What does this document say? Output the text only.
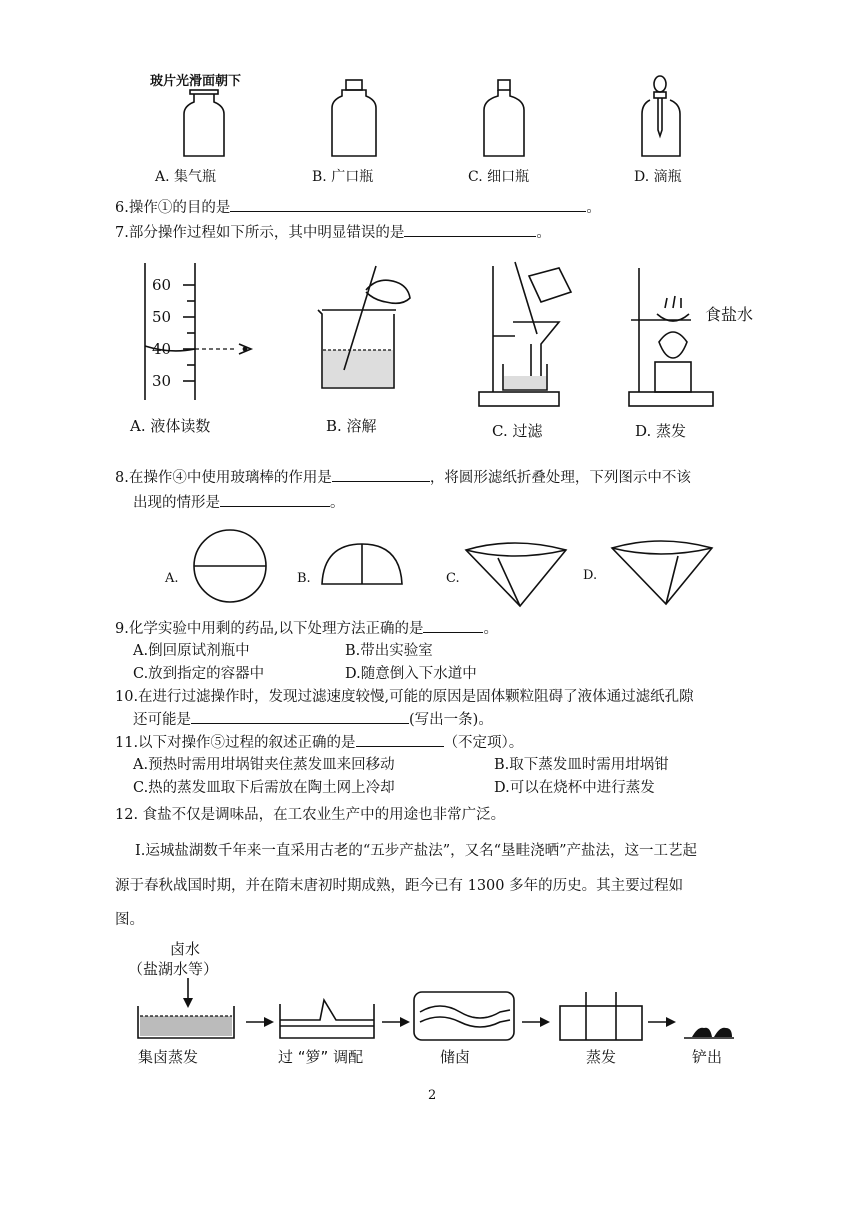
玻片光滑面朝下
A. 集气瓶	B. 广口瓶	C. 细口瓶	D. 滴瓶
6.操作①的目的是	。
7.部分操作过程如下所示，其中明显错误的是	。
60
50
40
30
食盐水
A. 液体读数	B. 溶解	C. 过滤	D. 蒸发
8.在操作④中使用玻璃棒的作用是	，将圆形滤纸折叠处理，下列图示中不该
出现的情形是	。
A.	B.	C.	D.
9.化学实验中用剩的药品,以下处理方法正确的是	。
A.倒回原试剂瓶中	B.带出实验室
C.放到指定的容器中	D.随意倒入下水道中
10.在进行过滤操作时，发现过滤速度较慢,可能的原因是固体颗粒阻碍了液体通过滤纸孔隙
还可能是	(写出一条)。
11.以下对操作⑤过程的叙述正确的是	（不定项）。
A.预热时需用坩埚钳夹住蒸发皿来回移动	B.取下蒸发皿时需用坩埚钳
C.热的蒸发皿取下后需放在陶土网上冷却	D.可以在烧杯中进行蒸发
12. 食盐不仅是调味品，在工农业生产中的用途也非常广泛。
I.运城盐湖数千年来一直采用古老的“五步产盐法”，又名“垦畦浇晒”产盐法，这一工艺起
源于春秋战国时期，并在隋末唐初时期成熟，距今已有 1300 多年的历史。其主要过程如
图。
卤水
（盐湖水等）
集卤蒸发	过 “箩” 调配	储卤	蒸发	铲出
2
